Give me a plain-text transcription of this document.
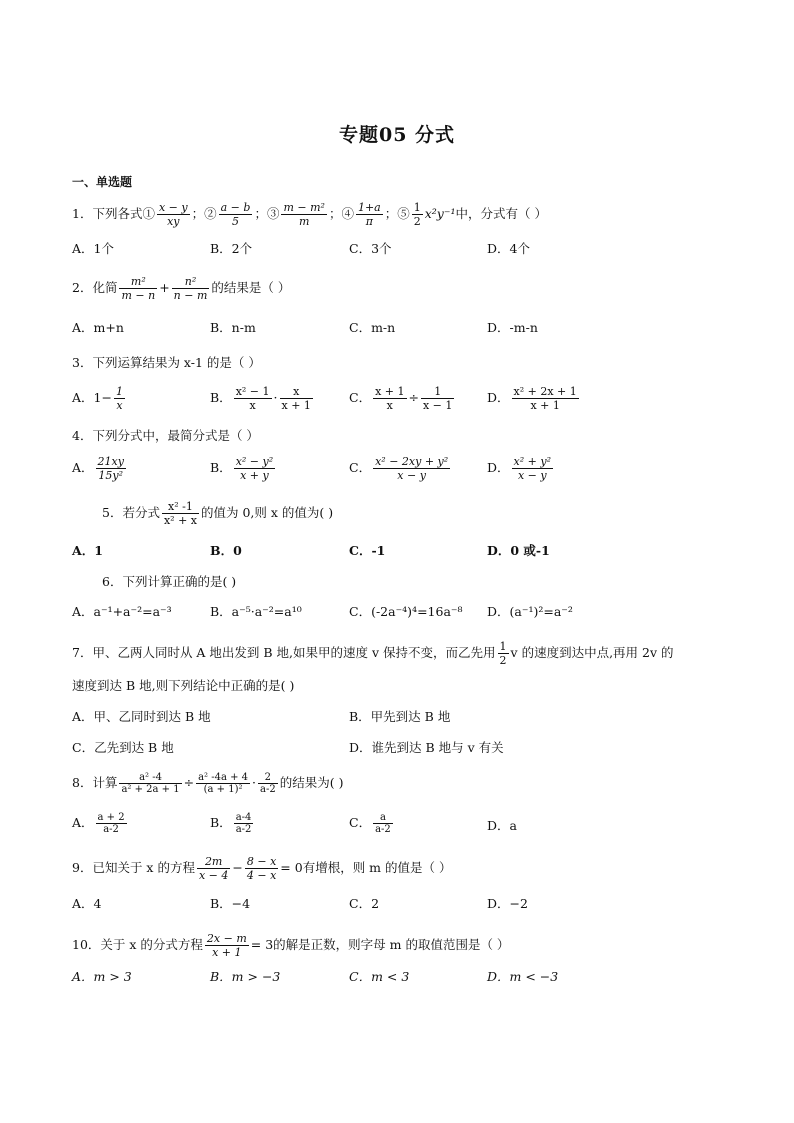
专题05 分式
一、单选题
1．下列各式① $\frac{x - y}{xy}$ ；② $\frac{a - b}{5}$ ；③ $\frac{\text{m − m²}}{m}$ ；④ $\frac{1+a}{\pi}$ ；⑤ $\frac{1}{2} x^2y^{-1}$中，分式有（ ）
A．1个	B．2个	C．3个	D．4个
2．化简 $\frac{\text{m²}}{m - n} + \frac{\text{n²}}{n - m}$ 的结果是（ ）
A．m+n	B．n-m	C．m-n	D．-m-n
3．下列运算结果为 x-1 的是（ ）
A．$1- \frac{1}{x}$	B． $\frac{\text{x² − 1}}{x} \cdot \frac{x}{x + 1}$	C． $\frac{x + 1}{x} \div \frac{1}{x - 1}$	D． $\frac{\text{x² + 2x + 1}}{x + 1}$
4．下列分式中，最简分式是（ ）
A． $\frac{21xy}{\text{15y²}}$	B． $\frac{\text{x² − y²}}{x + y}$	C． $\frac{\text{x² − 2xy + y²}}{x - y}$	D． $\frac{\text{x² + y²}}{x - y}$
5．若分式 $\frac{\text{x² -1}}{\text{x² + x}}$ 的值为 0,则 x 的值为( )
A．1	B．0	C．-1	D．0 或-1
6．下列计算正确的是( )
A．a⁻¹+a⁻²=a⁻³	B．a⁻⁵·a⁻²=a¹⁰	C．(-2a⁻⁴)⁴=16a⁻⁸ D．(a⁻¹)²=a⁻²
7．甲、乙两人同时从 A 地出发到 B 地,如果甲的速度 v 保持不变，而乙先用 $\frac{1}{2}$ v 的速度到达中点,再用 2v 的
速度到达 B 地,则下列结论中正确的是( )
A．甲、乙同时到达 B 地	B．甲先到达 B 地
C．乙先到达 B 地	D．谁先到达 B 地与 v 有关
8．计算 $\frac{\text{a² -4}}{\text{a² + 2a + 1}} \div \frac{\text{a² -4a + 4}}{\text{(a + 1)²}} \cdot \frac{2}{a-2}$ 的结果为( )
A． $\frac{a + 2}{a-2}$	B． $\frac{a-4}{a-2}$	C． $\frac{a}{a-2}$	D．a
9．已知关于 x 的方程 $\frac{2m}{x - 4} - \frac{8 - x}{4 - x} = 0$有增根，则 m 的值是（ ）
A．4	B．−4	C．2	D．−2
10．关于 x 的分式方程 $\frac{2x - m}{x + 1} = 3$的解是正数，则字母 m 的取值范围是（ ）
A．m > 3	B．m > −3	C．m < 3	D．m < −3
